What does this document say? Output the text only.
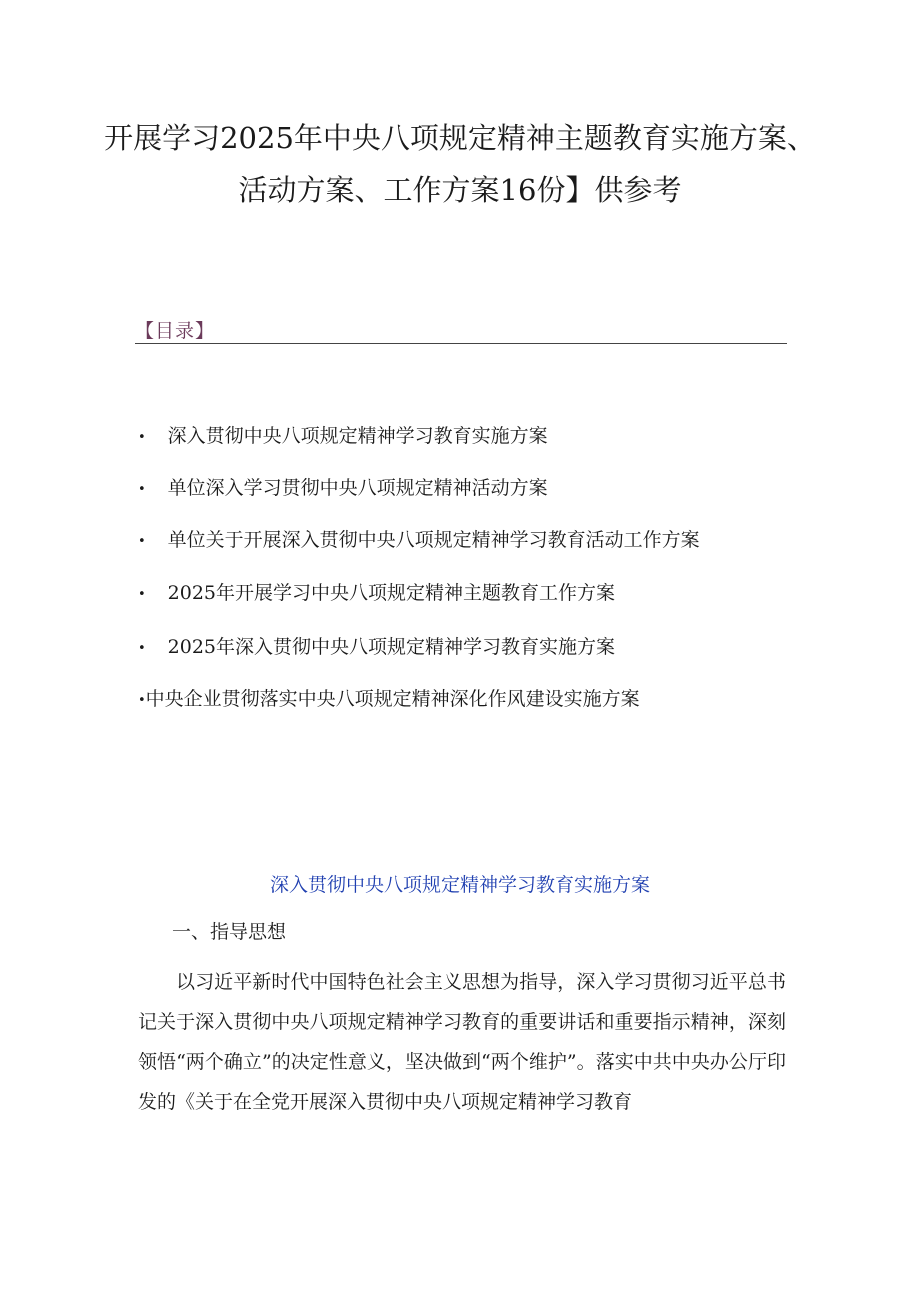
开展学习2025年中央八项规定精神主题教育实施方案、活动方案、工作方案16份】供参考
【目录】
• 深入贯彻中央八项规定精神学习教育实施方案
• 单位深入学习贯彻中央八项规定精神活动方案
• 单位关于开展深入贯彻中央八项规定精神学习教育活动工作方案
• 2025年开展学习中央八项规定精神主题教育工作方案
• 2025年深入贯彻中央八项规定精神学习教育实施方案
•中央企业贯彻落实中央八项规定精神深化作风建设实施方案
深入贯彻中央八项规定精神学习教育实施方案
一、指导思想

以习近平新时代中国特色社会主义思想为指导，深入学习贯彻习近平总书记关于深入贯彻中央八项规定精神学习教育的重要讲话和重要指示精神，深刻领悟“两个确立”的决定性意义，坚决做到“两个维护”。落实中共中央办公厅印发的《关于在全党开展深入贯彻中央八项规定精神学习教育
